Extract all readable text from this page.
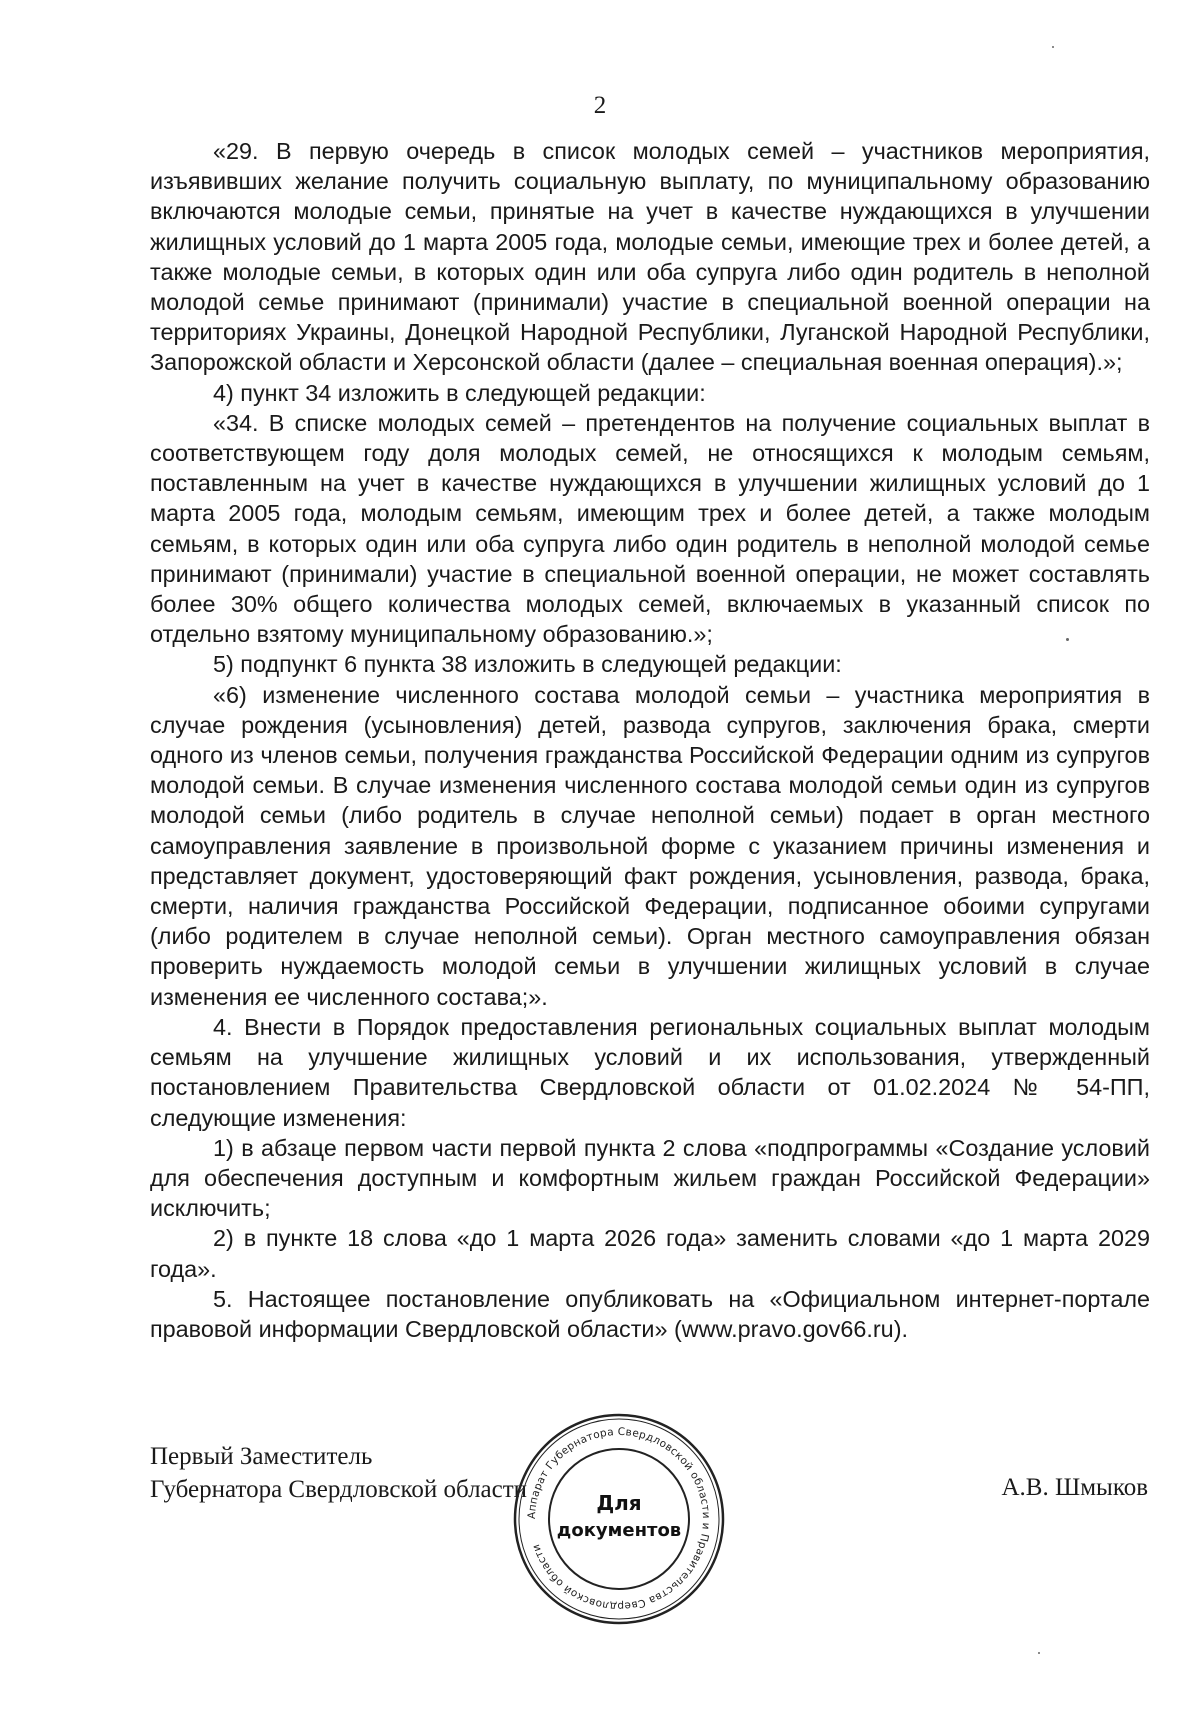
2

«29. В первую очередь в список молодых семей – участников мероприятия, изъявивших желание получить социальную выплату, по муниципальному образованию включаются молодые семьи, принятые на учет в качестве нуждающихся в улучшении жилищных условий до 1 марта 2005 года, молодые семьи, имеющие трех и более детей, а также молодые семьи, в которых один или оба супруга либо один родитель в неполной молодой семье принимают (принимали) участие в специальной военной операции на территориях Украины, Донецкой Народной Республики, Луганской Народной Республики, Запорожской области и Херсонской области (далее – специальная военная операция).»;

4) пункт 34 изложить в следующей редакции:

«34. В списке молодых семей – претендентов на получение социальных выплат в соответствующем году доля молодых семей, не относящихся к молодым семьям, поставленным на учет в качестве нуждающихся в улучшении жилищных условий до 1 марта 2005 года, молодым семьям, имеющим трех и более детей, а также молодым семьям, в которых один или оба супруга либо один родитель в неполной молодой семье принимают (принимали) участие в специальной военной операции, не может составлять более 30% общего количества молодых семей, включаемых в указанный список по отдельно взятому муниципальному образованию.»;

5) подпункт 6 пункта 38 изложить в следующей редакции:

«6) изменение численного состава молодой семьи – участника мероприятия в случае рождения (усыновления) детей, развода супругов, заключения брака, смерти одного из членов семьи, получения гражданства Российской Федерации одним из супругов молодой семьи. В случае изменения численного состава молодой семьи один из супругов молодой семьи (либо родитель в случае неполной семьи) подает в орган местного самоуправления заявление в произвольной форме с указанием причины изменения и представляет документ, удостоверяющий факт рождения, усыновления, развода, брака, смерти, наличия гражданства Российской Федерации, подписанное обоими супругами (либо родителем в случае неполной семьи). Орган местного самоуправления обязан проверить нуждаемость молодой семьи в улучшении жилищных условий в случае изменения ее численного состава;».

4. Внести в Порядок предоставления региональных социальных выплат молодым семьям на улучшение жилищных условий и их использования, утвержденный постановлением Правительства Свердловской области от 01.02.2024 № 54-ПП, следующие изменения:

1) в абзаце первом части первой пункта 2 слова «подпрограммы «Создание условий для обеспечения доступным и комфортным жильем граждан Российской Федерации» исключить;

2) в пункте 18 слова «до 1 марта 2026 года» заменить словами «до 1 марта 2029 года».

5. Настоящее постановление опубликовать на «Официальном интернет-портале правовой информации Свердловской области» (www.pravo.gov66.ru).

Первый Заместитель
Губернатора Свердловской области	А.В. Шмыков
Аппарат Губернатора Свердловской области и Правительства Свердловской области
Для
документов
